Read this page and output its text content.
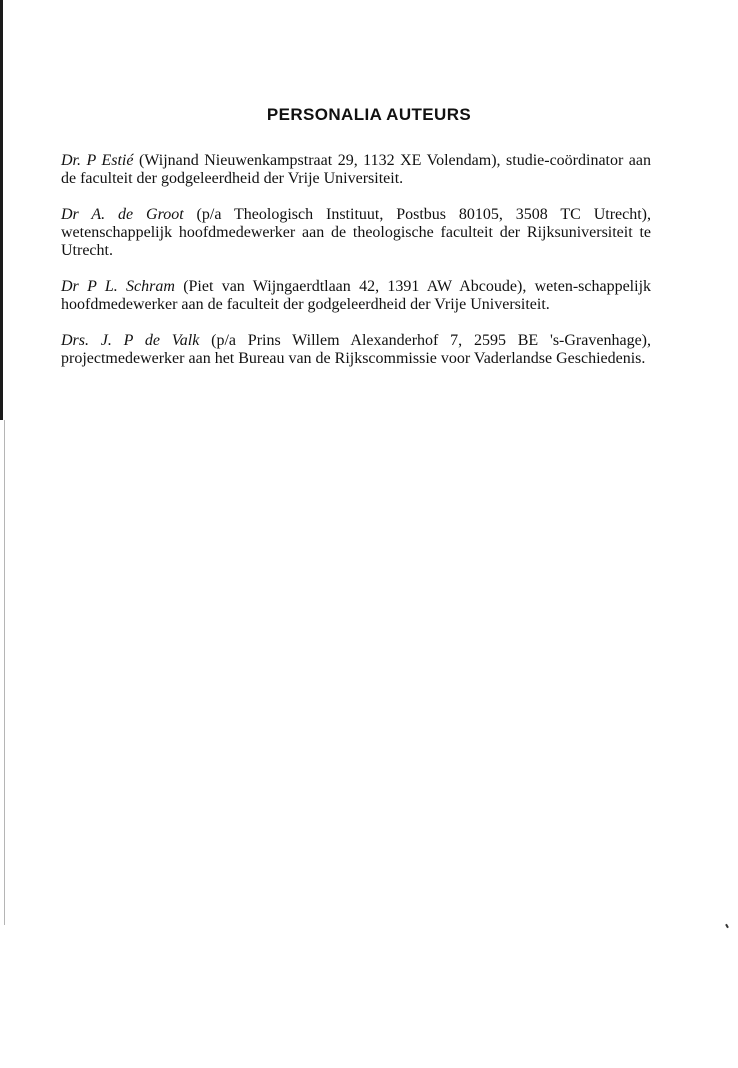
PERSONALIA AUTEURS

Dr. P Estié (Wijnand Nieuwenkampstraat 29, 1132 XE Volendam), studie-coördinator aan de faculteit der godgeleerdheid der Vrije Universiteit.

Dr A. de Groot (p/a Theologisch Instituut, Postbus 80105, 3508 TC Utrecht), wetenschappelijk hoofdmedewerker aan de theologische faculteit der Rijksuniversiteit te Utrecht.

Dr P L. Schram (Piet van Wijngaerdtlaan 42, 1391 AW Abcoude), weten-schappelijk hoofdmedewerker aan de faculteit der godgeleerdheid der Vrije Universiteit.

Drs. J. P de Valk (p/a Prins Willem Alexanderhof 7, 2595 BE 's-Gravenhage), projectmedewerker aan het Bureau van de Rijkscommissie voor Vaderlandse Geschiedenis.
